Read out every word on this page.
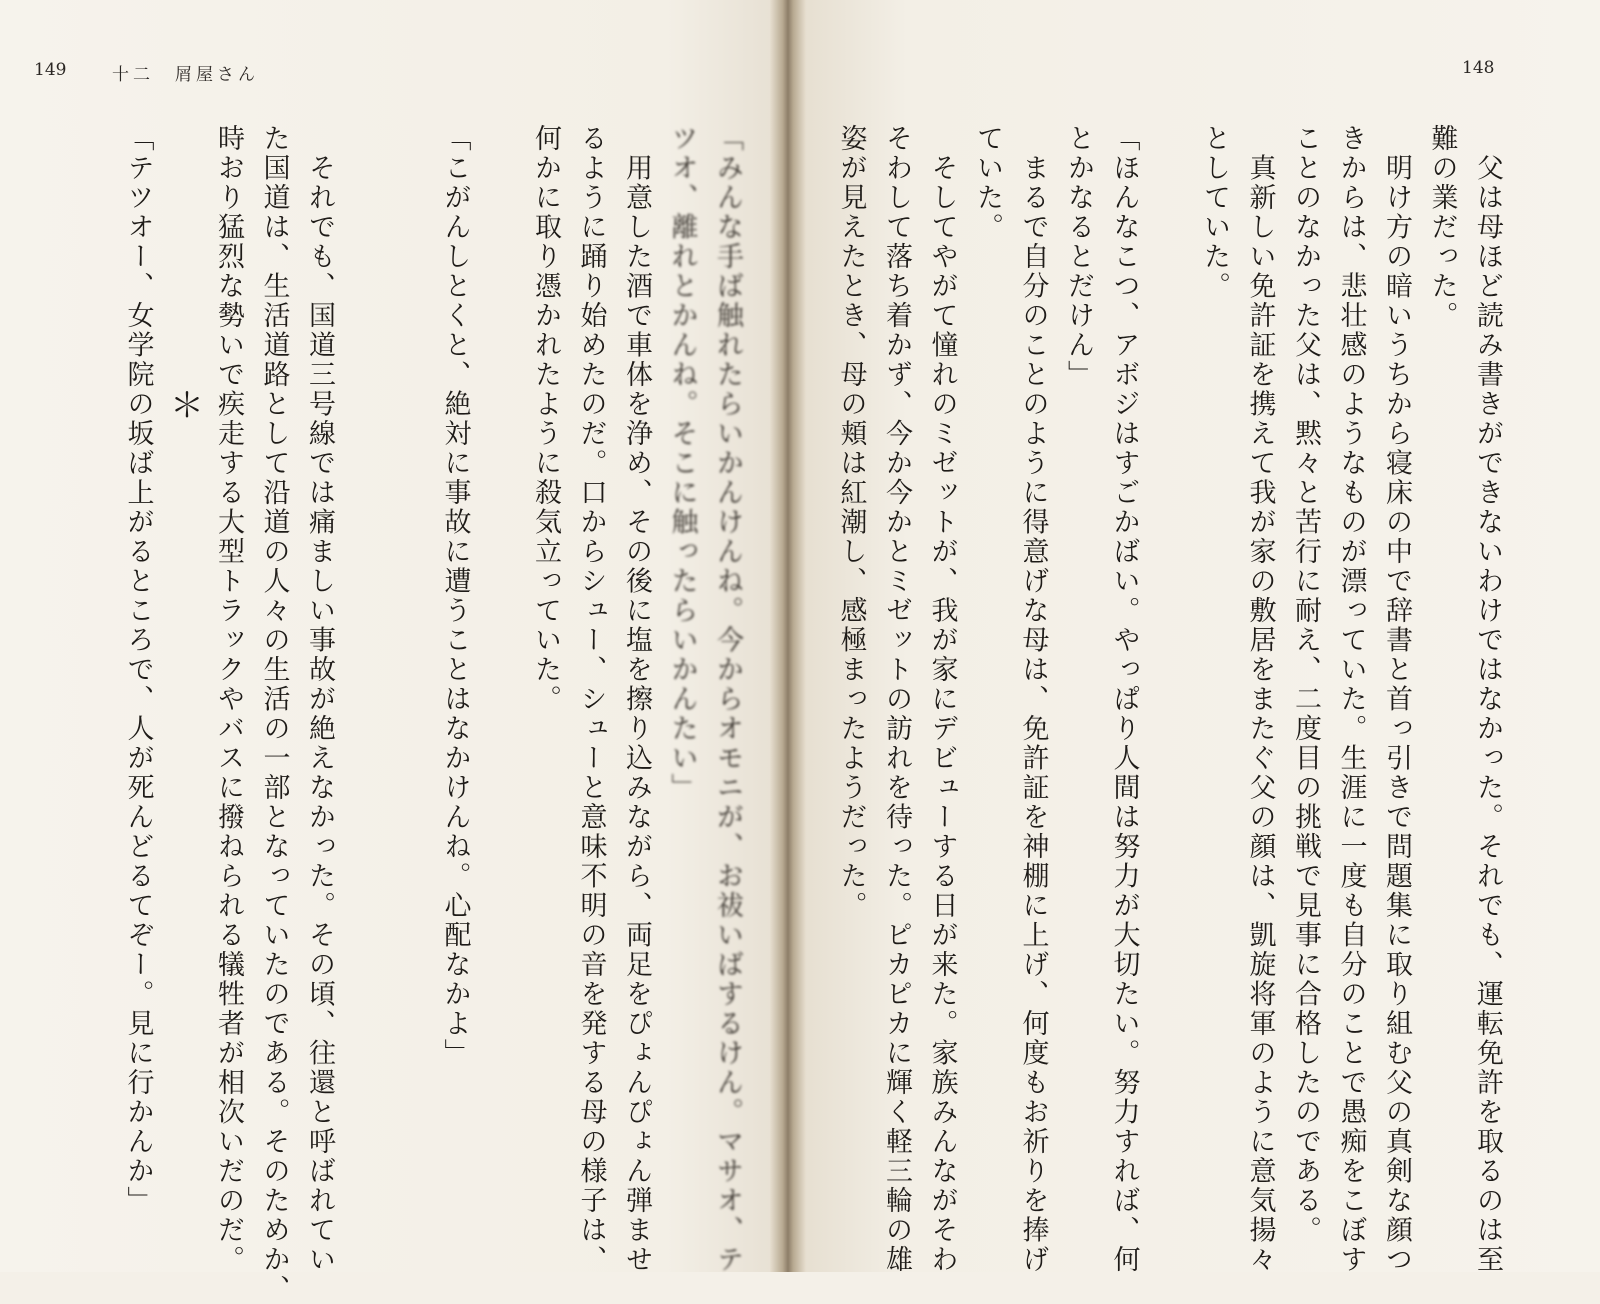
149	十二　屑屋さん	148
「みんな手ば触れたらいかんけんね。今からオモニが、お祓いばするけん。マサオ、テ
ツオ、離れとかんね。そこに触ったらいかんたい」
　用意した酒で車体を浄め、その後に塩を擦り込みながら、両足をぴょんぴょん弾ませ
るように踊り始めたのだ。口からシュー、シューと意味不明の音を発する母の様子は、
何かに取り憑かれたように殺気立っていた。
「こがんしとくと、絶対に事故に遭うことはなかけんね。心配なかよ」
　それでも、国道三号線では痛ましい事故が絶えなかった。その頃、往還と呼ばれてい
た国道は、生活道路として沿道の人々の生活の一部となっていたのである。そのためか、
時おり猛烈な勢いで疾走する大型トラックやバスに撥ねられる犠牲者が相次いだのだ。
「テツオー、女学院の坂ば上がるところで、人が死んどるてぞー。見に行かんか」 ＊	　父は母ほど読み書きができないわけではなかった。それでも、運転免許を取るのは至
難の業だった。
　明け方の暗いうちから寝床の中で辞書と首っ引きで問題集に取り組む父の真剣な顔つ
きからは、悲壮感のようなものが漂っていた。生涯に一度も自分のことで愚痴をこぼす
ことのなかった父は、黙々と苦行に耐え、二度目の挑戦で見事に合格したのである。
　真新しい免許証を携えて我が家の敷居をまたぐ父の顔は、凱旋将軍のように意気揚々
としていた。
「ほんなこつ、アボジはすごかばい。やっぱり人間は努力が大切たい。努力すれば、何
とかなるとだけん」
　まるで自分のことのように得意げな母は、免許証を神棚に上げ、何度もお祈りを捧げ
ていた。
　そしてやがて憧れのミゼットが、我が家にデビューする日が来た。家族みんながそわ
そわして落ち着かず、今か今かとミゼットの訪れを待った。ピカピカに輝く軽三輪の雄
姿が見えたとき、母の頬は紅潮し、感極まったようだった。
